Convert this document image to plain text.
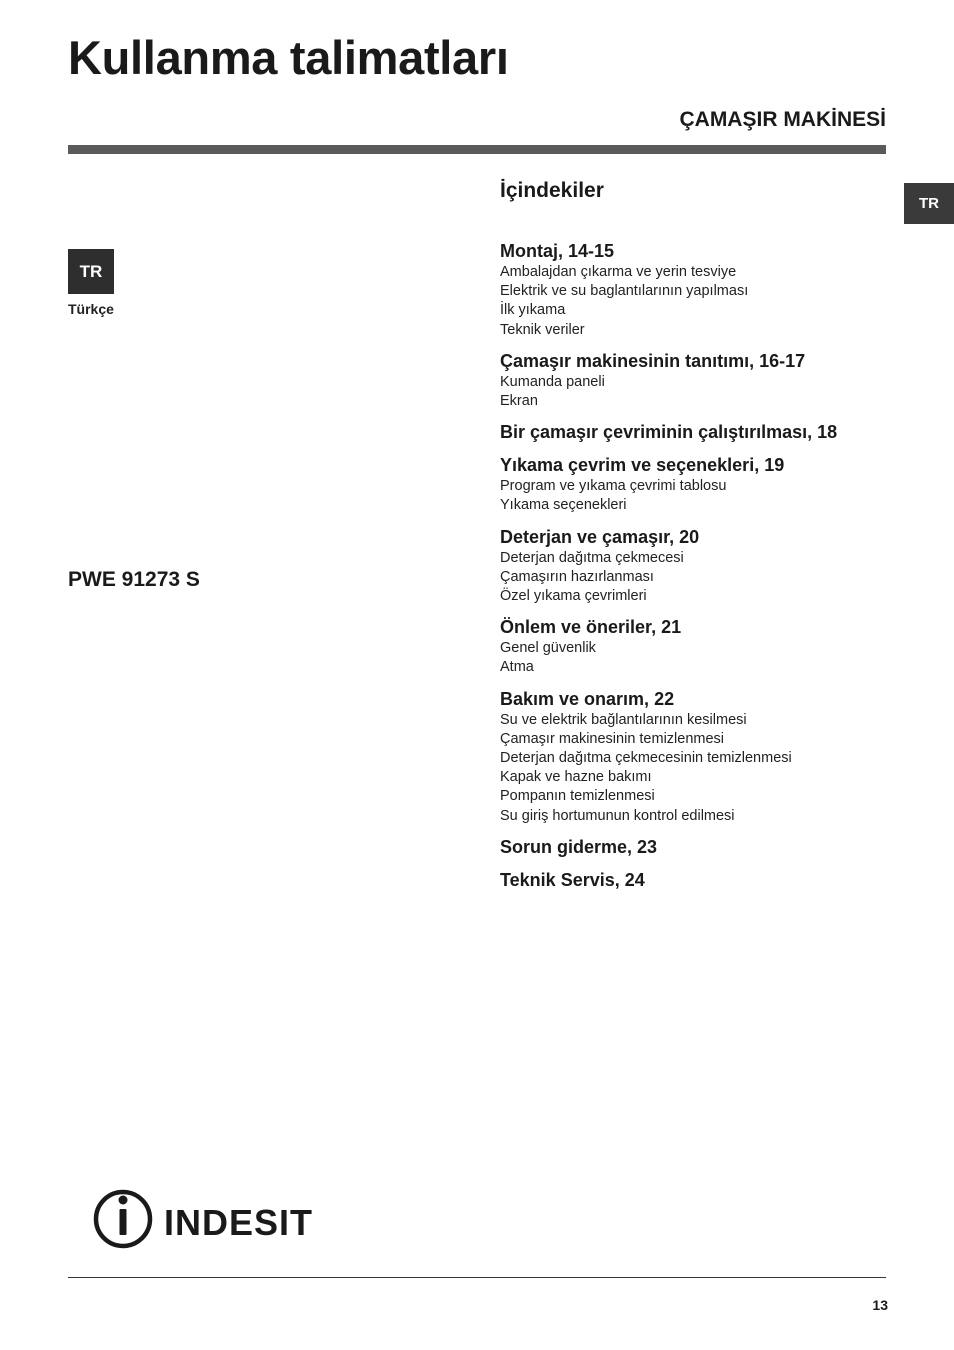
Kullanma talimatları
ÇAMAŞIR MAKİNESİ
TR
TR
Türkçe
PWE 91273 S
İçindekiler
Montaj, 14-15
Ambalajdan çıkarma ve yerin tesviye
Elektrik ve su baglantılarının yapılması
İlk yıkama
Teknik veriler
Çamaşır makinesinin tanıtımı, 16-17
Kumanda paneli
Ekran
Bir çamaşır çevriminin çalıştırılması, 18
Yıkama çevrim ve seçenekleri, 19
Program ve yıkama çevrimi tablosu
Yıkama seçenekleri
Deterjan ve çamaşır, 20
Deterjan dağıtma çekmecesi
Çamaşırın hazırlanması
Özel yıkama çevrimleri
Önlem ve öneriler, 21
Genel güvenlik
Atma
Bakım ve onarım, 22
Su ve elektrik bağlantılarının kesilmesi
Çamaşır makinesinin temizlenmesi
Deterjan dağıtma çekmecesinin temizlenmesi
Kapak ve hazne bakımı
Pompanın temizlenmesi
Su giriş hortumunun kontrol edilmesi
Sorun giderme, 23
Teknik Servis, 24
INDESIT
13
